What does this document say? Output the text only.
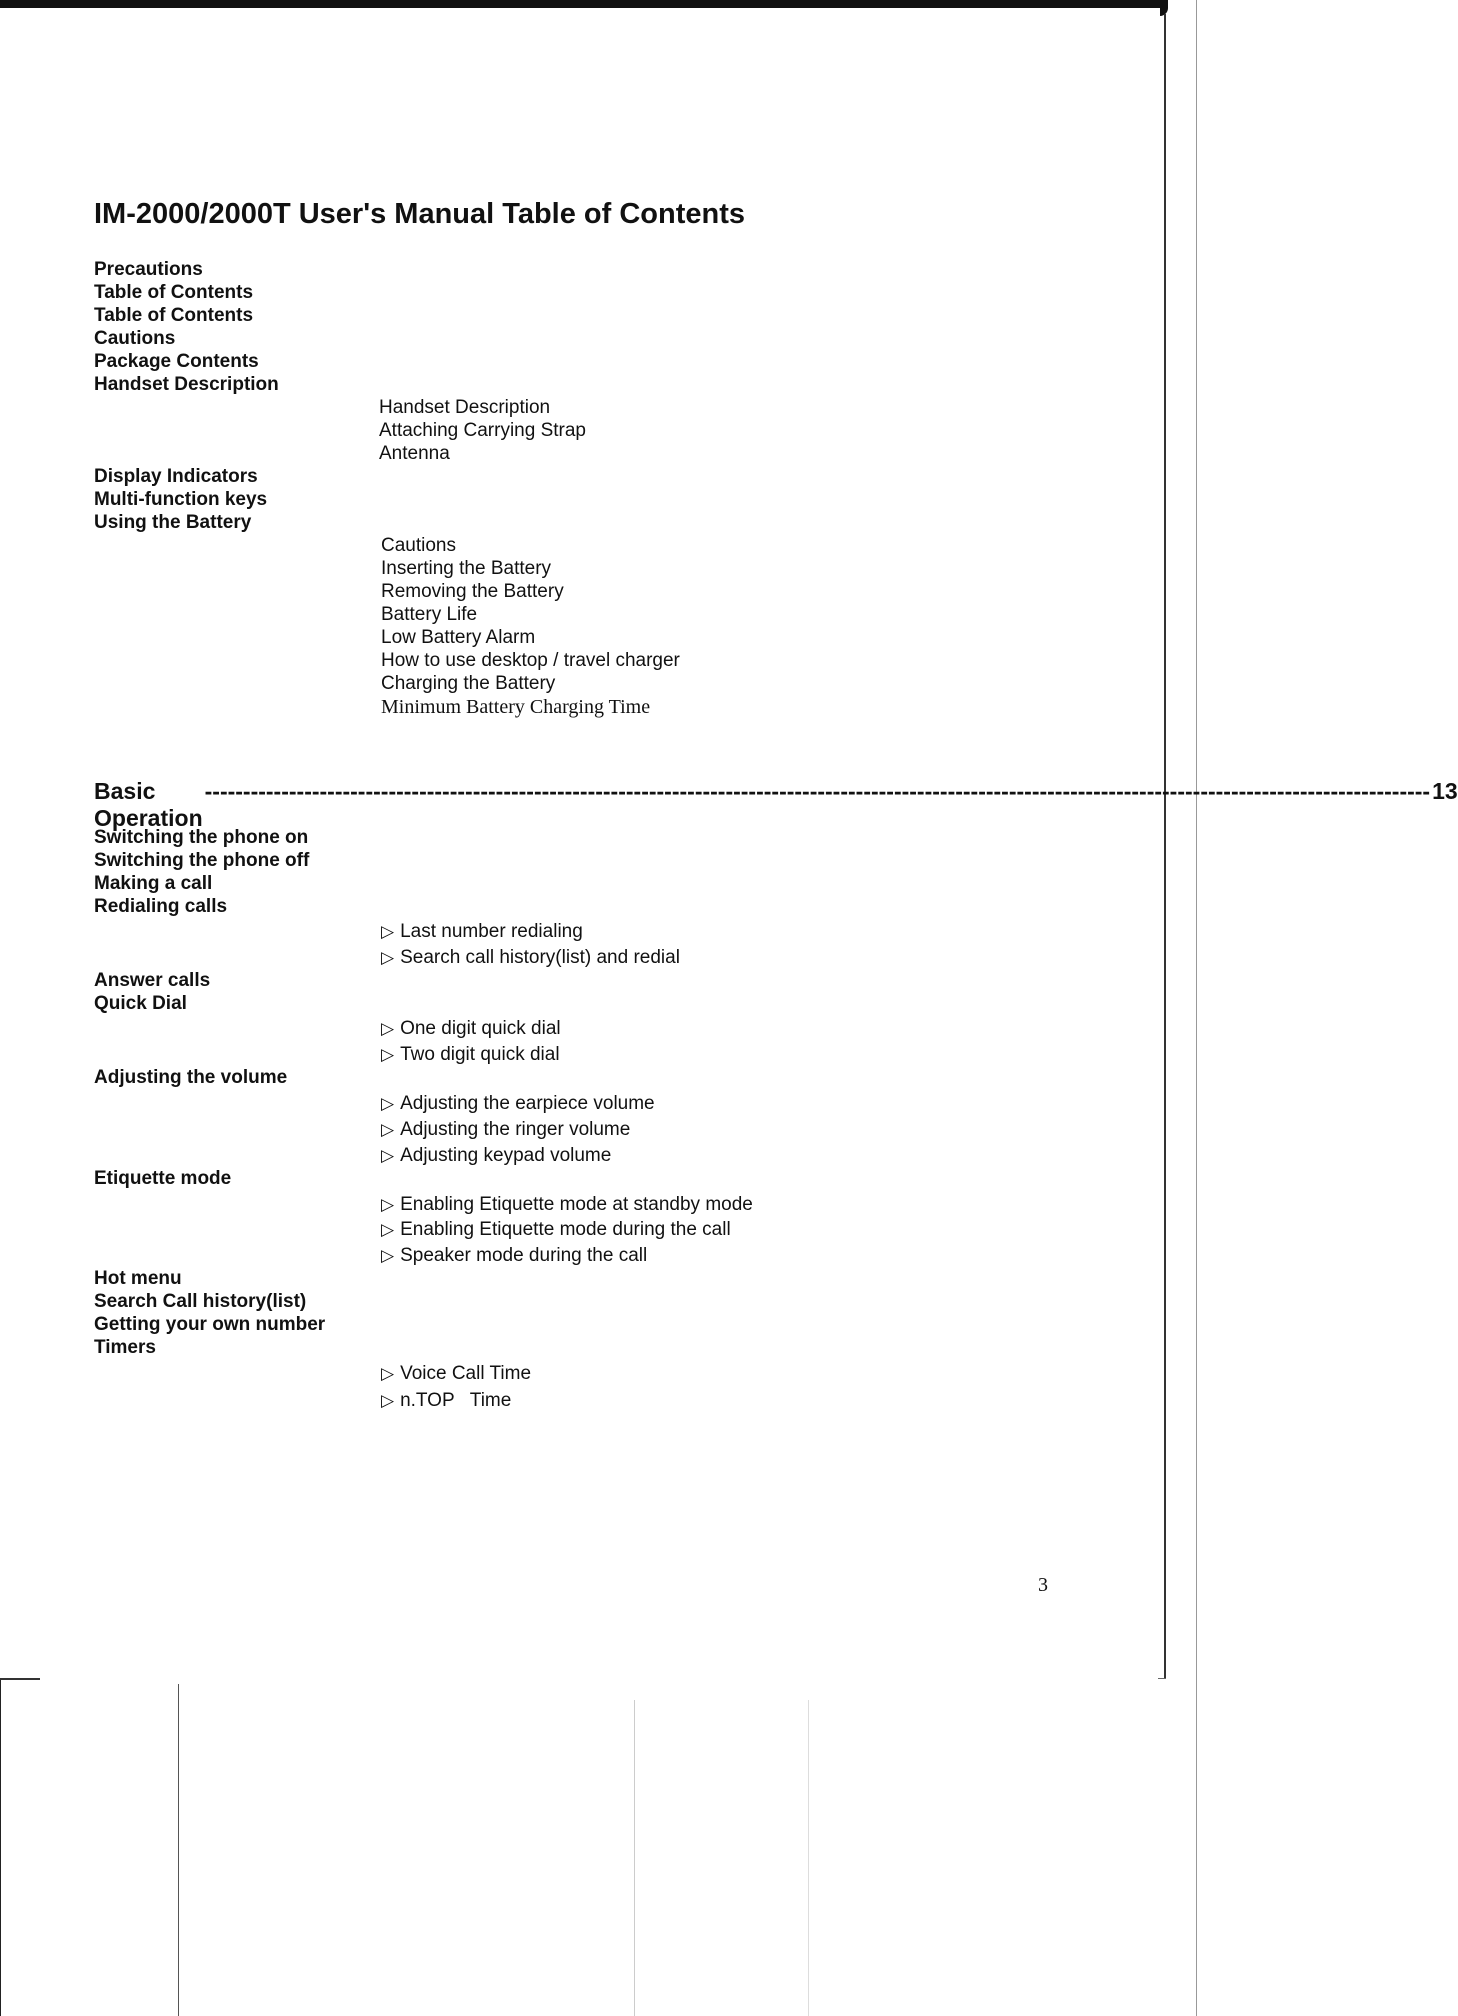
IM-2000/2000T User's Manual Table of Contents
Precautions
Table of Contents
Table of Contents
Cautions
Package Contents
Handset Description
Handset Description
Attaching Carrying Strap
Antenna
Display Indicators
Multi-function keys
Using the Battery
Cautions
Inserting the Battery
Removing the Battery
Battery Life
Low Battery Alarm
How to use desktop / travel charger
Charging the Battery
Minimum Battery Charging Time
Basic Operation
---------------------------------------------------------------------------------------------------------------------------------------------------------------- 13
Switching the phone on
Switching the phone off
Making a call
Redialing calls
▷ Last number redialing
▷ Search call history(list) and redial
Answer calls
Quick Dial
▷ One digit quick dial
▷ Two digit quick dial
Adjusting the volume
▷ Adjusting the earpiece volume
▷ Adjusting the ringer volume
▷ Adjusting keypad volume
Etiquette mode
▷ Enabling Etiquette mode at standby mode
▷ Enabling Etiquette mode during the call
▷ Speaker mode during the call
Hot menu
Search Call history(list)
Getting your own number
Timers
▷ Voice Call Time
▷ n.TOP   Time
3
